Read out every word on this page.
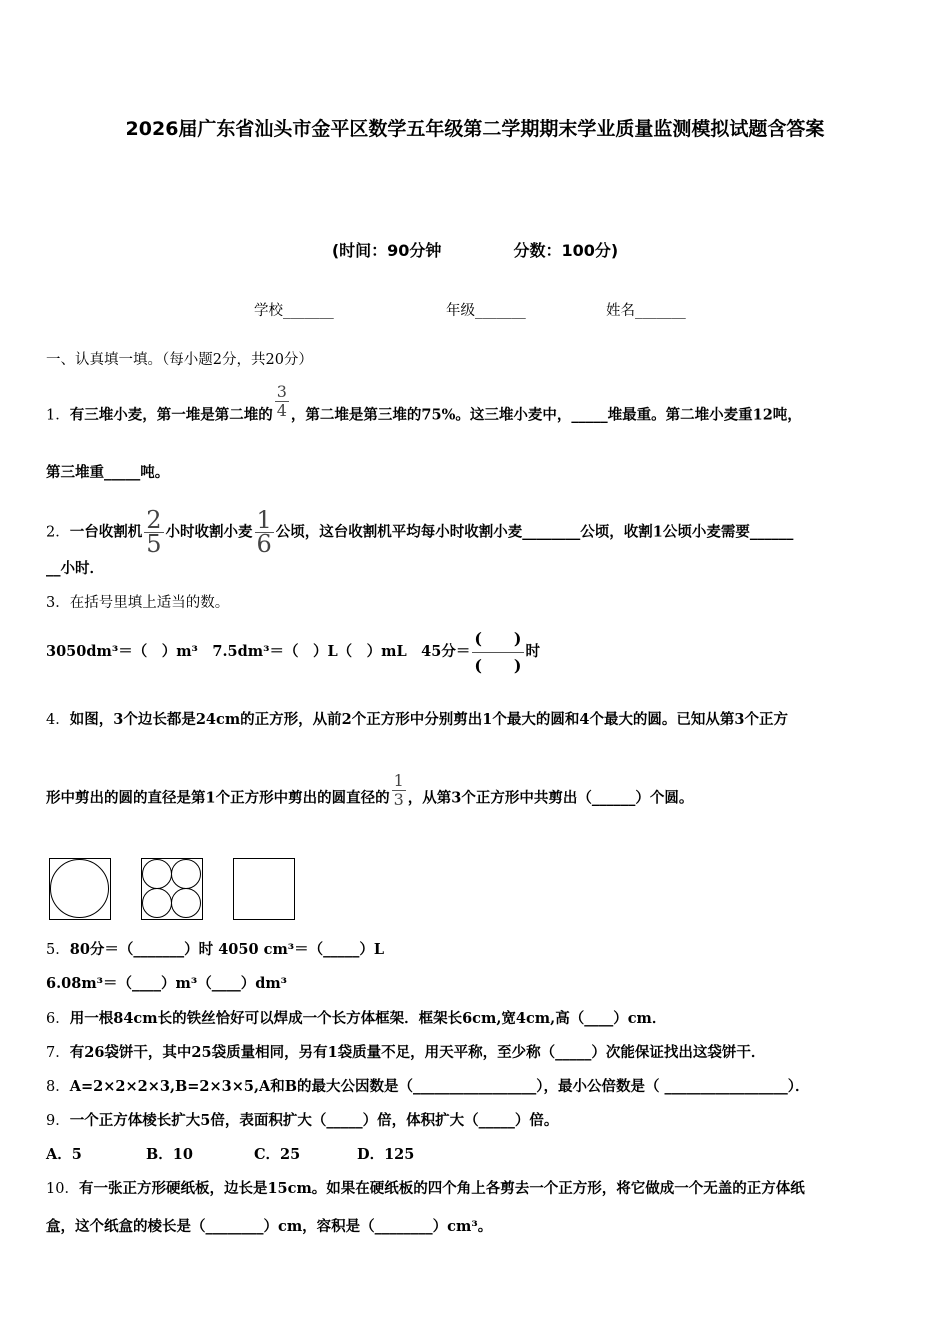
2026届广东省汕头市金平区数学五年级第二学期期末学业质量监测模拟试题含答案
(时间：90分钟	分数：100分)
学校_______	年级_______	姓名_______
一、认真填一填。（每小题2分，共20分）
1．有三堆小麦，第一堆是第二堆的 $\frac{3}{4}$ ，第二堆是第三堆的75%。这三堆小麦中，_____堆最重。第二堆小麦重12吨，
第三堆重_____吨。
2．一台收割机 $\frac{2}{5}$ 小时收割小麦 $\frac{1}{6}$ 公顷，这台收割机平均每小时收割小麦________公顷，收割1公顷小麦需要______
__小时．
3．在括号里填上适当的数。
3050dm³＝（　）m³　7.5dm³＝（　）L（　）mL　45分＝ $\frac{( )}{( )}$ 时
4．如图，3个边长都是24cm的正方形，从前2个正方形中分别剪出1个最大的圆和4个最大的圆。已知从第3个正方
形中剪出的圆的直径是第1个正方形中剪出的圆直径的 $\frac{1}{3}$ ，从第3个正方形中共剪出（______）个圆。
5．80分＝（_______）时 4050 cm³＝（_____）L
6.08m³＝（____）m³（____）dm³
6．用一根84cm长的铁丝恰好可以焊成一个长方体框架．框架长6cm,宽4cm,高（____）cm．
7．有26袋饼干，其中25袋质量相同，另有1袋质量不足，用天平称，至少称（_____）次能保证找出这袋饼干．
8．A=2×2×2×3,B=2×3×5,A和B的最大公因数是（_________________），最小公倍数是（ _________________）．
9．一个正方体棱长扩大5倍，表面积扩大（_____）倍，体积扩大（_____）倍。
A．5	B．10	C．25	D．125
10．有一张正方形硬纸板，边长是15cm。如果在硬纸板的四个角上各剪去一个正方形，将它做成一个无盖的正方体纸
盒，这个纸盒的棱长是（________）cm，容积是（________）cm³。
